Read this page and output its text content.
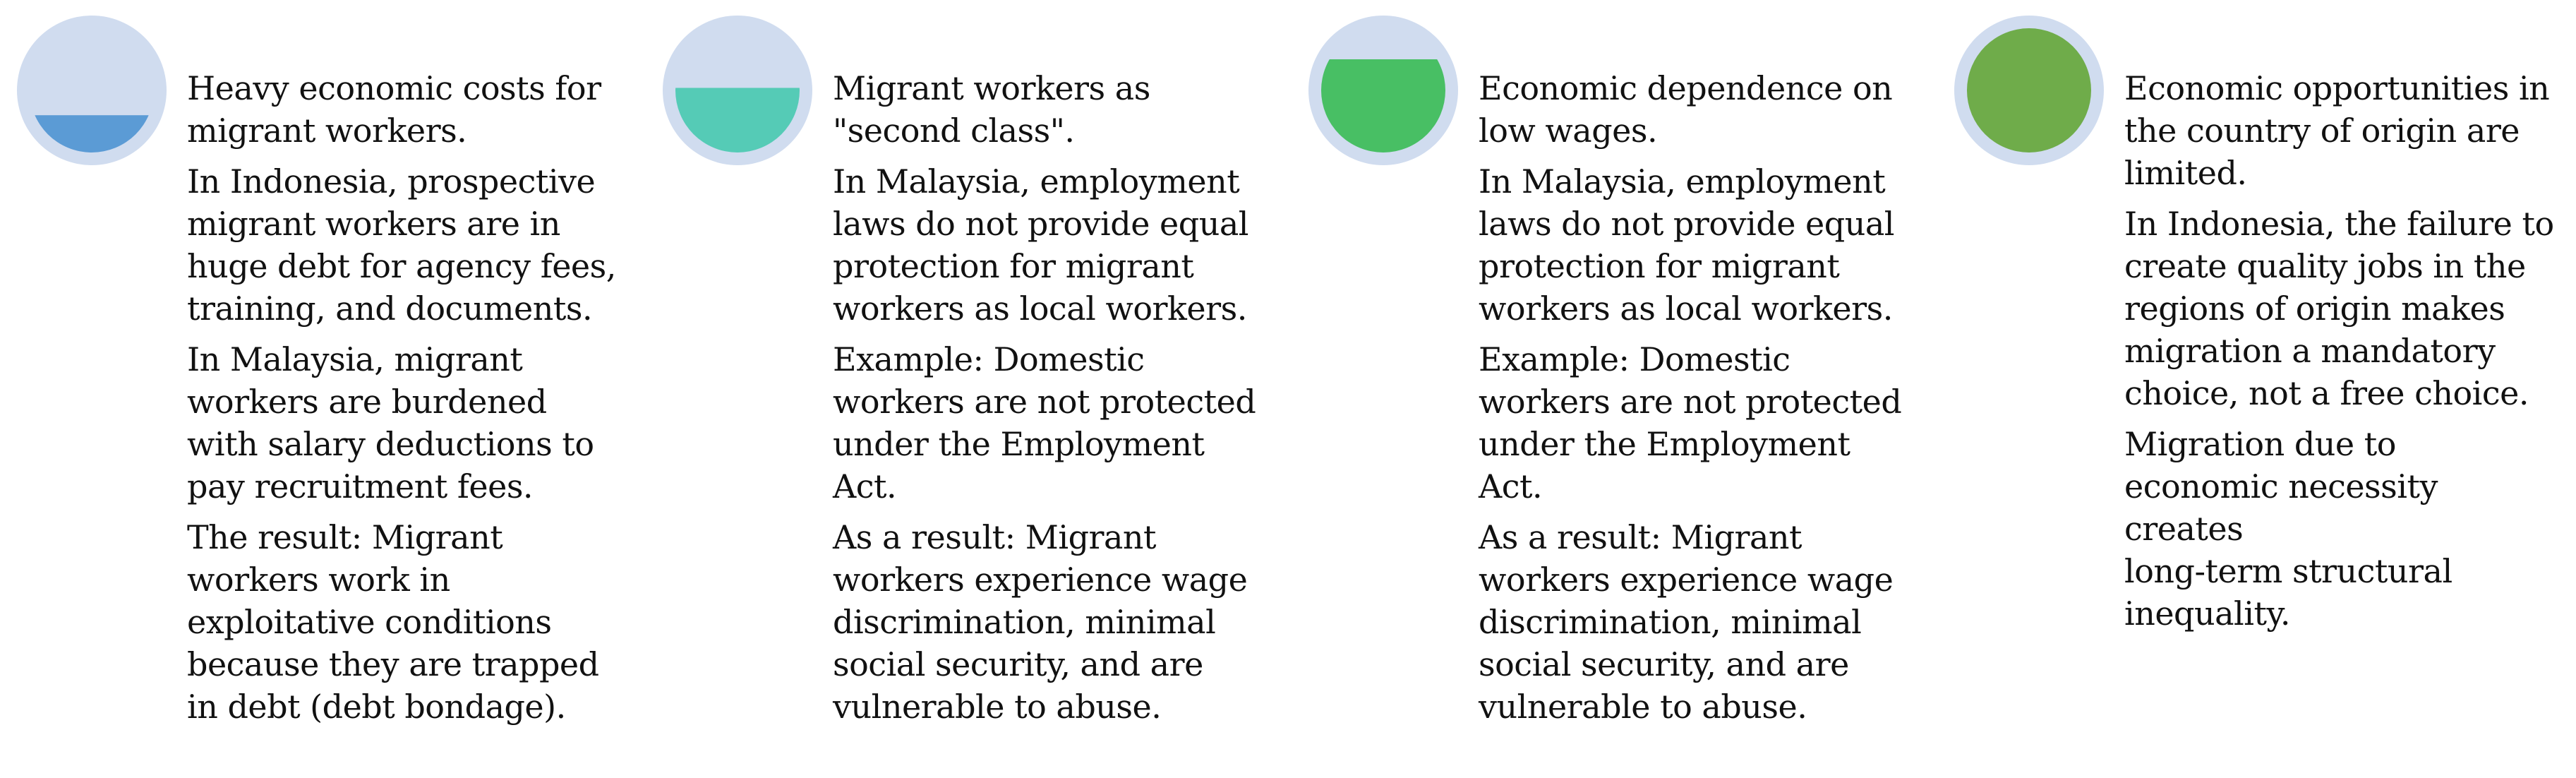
Heavy economic costs for
migrant workers.

In Indonesia, prospective
migrant workers are in
huge debt for agency fees,
training, and documents.

In Malaysia, migrant
workers are burdened
with salary deductions to
pay recruitment fees.

The result: Migrant
workers work in
exploitative conditions
because they are trapped
in debt (debt bondage).

Migrant workers as
"second class".

In Malaysia, employment
laws do not provide equal
protection for migrant
workers as local workers.

Example: Domestic
workers are not protected
under the Employment
Act.

As a result: Migrant
workers experience wage
discrimination, minimal
social security, and are
vulnerable to abuse.

Economic dependence on
low wages.

In Malaysia, employment
laws do not provide equal
protection for migrant
workers as local workers.

Example: Domestic
workers are not protected
under the Employment
Act.

As a result: Migrant
workers experience wage
discrimination, minimal
social security, and are
vulnerable to abuse.

Economic opportunities in
the country of origin are
limited.

In Indonesia, the failure to
create quality jobs in the
regions of origin makes
migration a mandatory
choice, not a free choice.

Migration due to
economic necessity creates
long-term structural
inequality.
